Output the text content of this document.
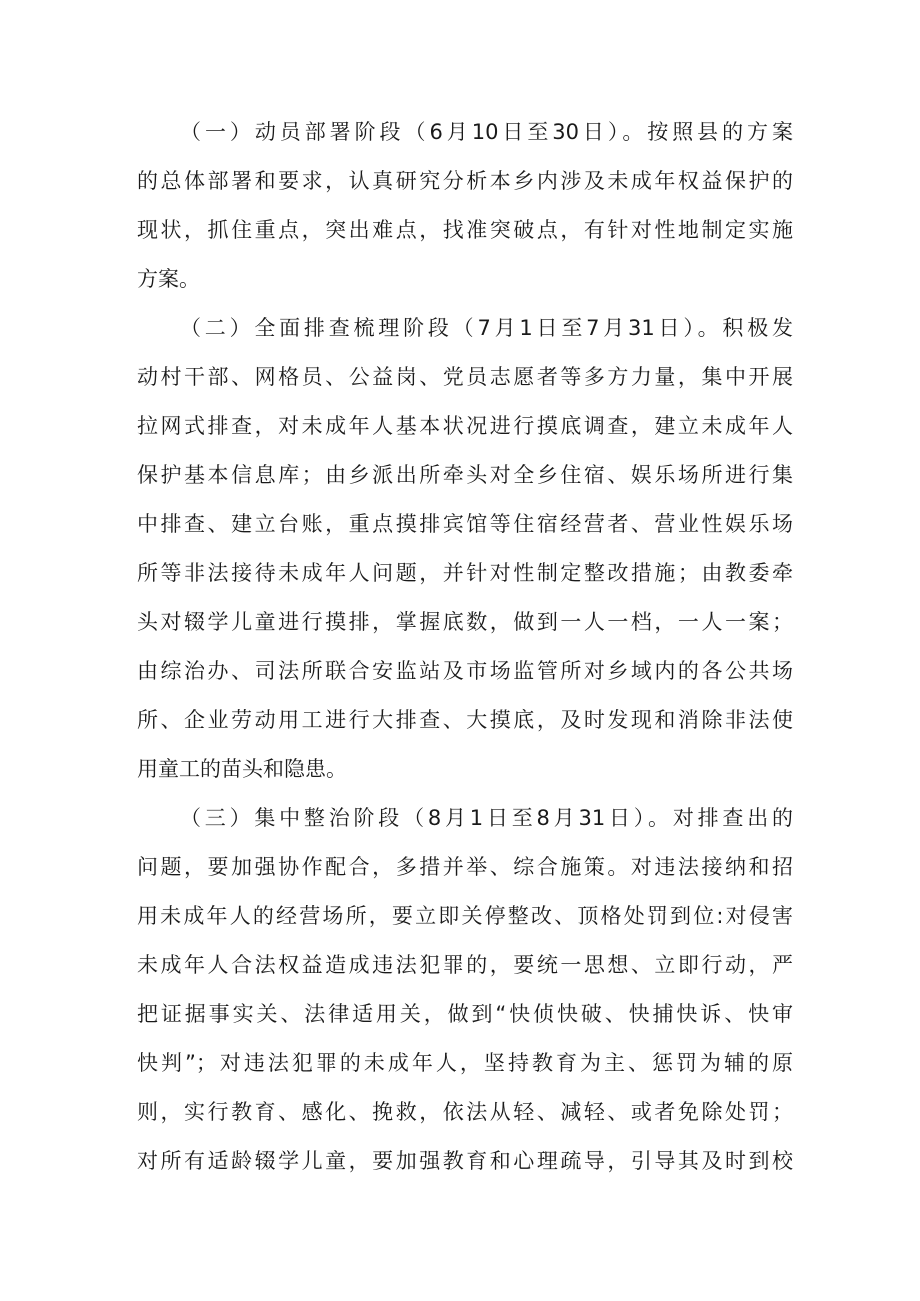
（一）动员部署阶段（6月10日至30日）。按照县的方案
的总体部署和要求，认真研究分析本乡内涉及未成年权益保护的
现状，抓住重点，突出难点，找准突破点，有针对性地制定实施
方案。
（二）全面排查梳理阶段（7月1日至7月31日）。积极发
动村干部、网格员、公益岗、党员志愿者等多方力量，集中开展
拉网式排查，对未成年人基本状况进行摸底调查，建立未成年人
保护基本信息库；由乡派出所牵头对全乡住宿、娱乐场所进行集
中排查、建立台账，重点摸排宾馆等住宿经营者、营业性娱乐场
所等非法接待未成年人问题，并针对性制定整改措施；由教委牵
头对辍学儿童进行摸排，掌握底数，做到一人一档，一人一案；
由综治办、司法所联合安监站及市场监管所对乡域内的各公共场
所、企业劳动用工进行大排查、大摸底，及时发现和消除非法使
用童工的苗头和隐患。
（三）集中整治阶段（8月1日至8月31日）。对排查出的
问题，要加强协作配合，多措并举、综合施策。对违法接纳和招
用未成年人的经营场所，要立即关停整改、顶格处罚到位:对侵害
未成年人合法权益造成违法犯罪的，要统一思想、立即行动，严
把证据事实关、法律适用关，做到“快侦快破、快捕快诉、快审
快判”；对违法犯罪的未成年人，坚持教育为主、惩罚为辅的原
则，实行教育、感化、挽救，依法从轻、减轻、或者免除处罚；
对所有适龄辍学儿童，要加强教育和心理疏导，引导其及时到校
